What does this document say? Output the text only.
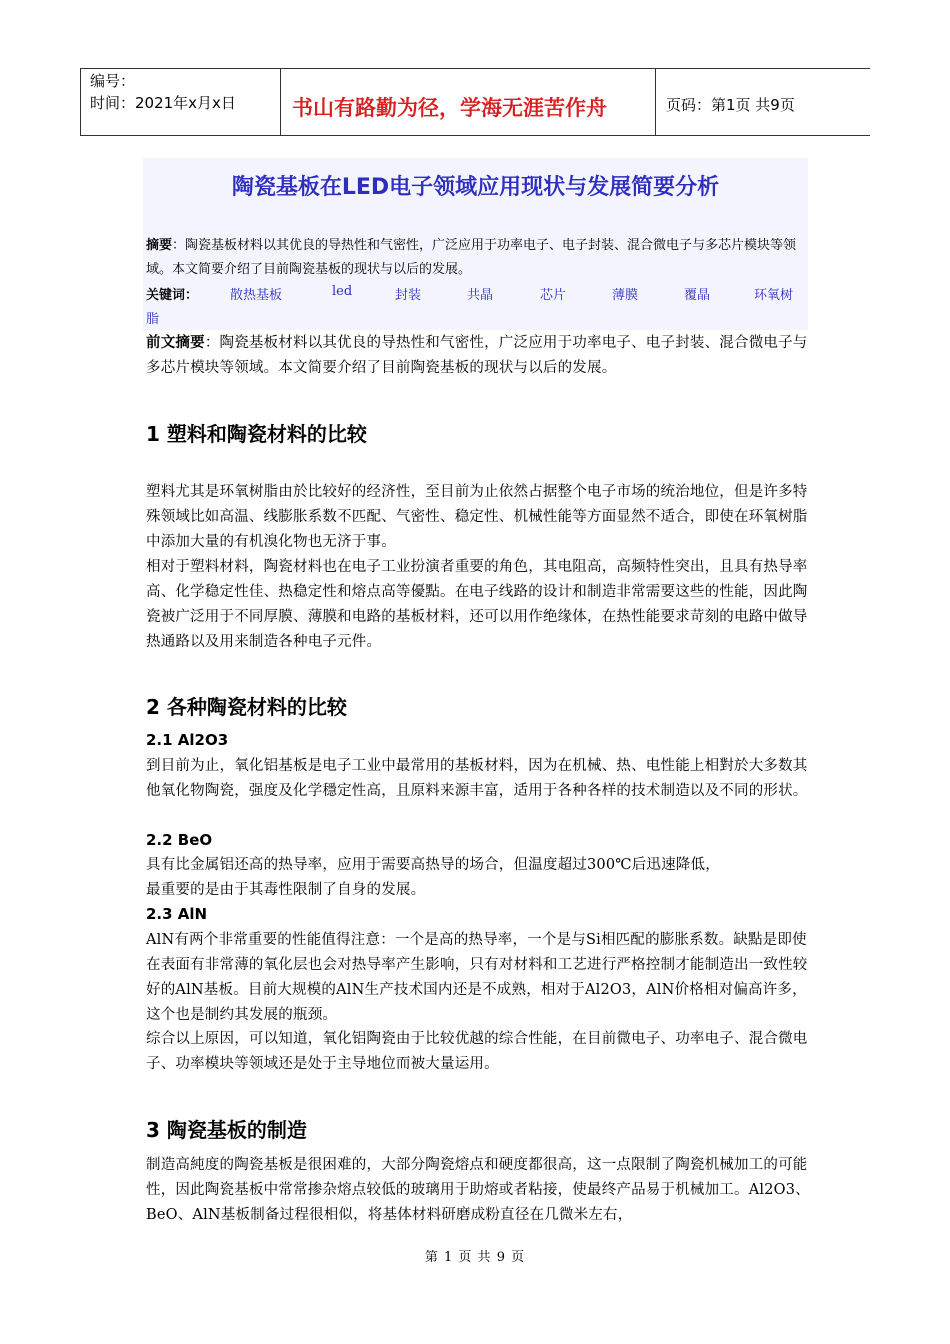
编号：
时间：2021年x月x日	书山有路勤为径，学海无涯苦作舟	页码：第1页 共9页
陶瓷基板在LED电子领域应用现状与发展简要分析
摘要：陶瓷基板材料以其优良的导热性和气密性，广泛应用于功率电子、电子封装、混合微电子与多芯片模块等领域。本文简要介绍了目前陶瓷基板的现状与以后的发展。
关键词： 散热基板	led	封装	共晶	芯片	薄膜	覆晶	环氧树
脂
前文摘要：陶瓷基板材料以其优良的导热性和气密性，广泛应用于功率电子、电子封装、混合微电子与多芯片模块等领域。本文简要介绍了目前陶瓷基板的现状与以后的发展。
1 塑料和陶瓷材料的比较
塑料尤其是环氧树脂由於比较好的经济性，至目前为止依然占据整个电子市场的统治地位，但是许多特殊领域比如高温、线膨胀系数不匹配、气密性、稳定性、机械性能等方面显然不适合，即使在环氧树脂中添加大量的有机溴化物也无济于事。
相对于塑料材料，陶瓷材料也在电子工业扮演者重要的角色，其电阻高，高频特性突出，且具有热导率高、化学稳定性佳、热稳定性和熔点高等優點。在电子线路的设计和制造非常需要这些的性能，因此陶瓷被广泛用于不同厚膜、薄膜和电路的基板材料，还可以用作绝缘体，在热性能要求苛刻的电路中做导热通路以及用来制造各种电子元件。
2 各种陶瓷材料的比较
2.1 Al2O3
到目前为止，氧化铝基板是电子工业中最常用的基板材料，因为在机械、热、电性能上相對於大多数其他氧化物陶瓷，强度及化学穩定性高，且原料来源丰富，适用于各种各样的技术制造以及不同的形状。
2.2 BeO
具有比金属铝还高的热导率，应用于需要高热导的场合，但温度超过300℃后迅速降低，
最重要的是由于其毒性限制了自身的发展。
2.3 AlN
AlN有两个非常重要的性能值得注意：一个是高的热导率，一个是与Si相匹配的膨胀系数。缺點是即使在表面有非常薄的氧化层也会对热导率产生影响，只有对材料和工艺进行严格控制才能制造出一致性较好的AlN基板。目前大规模的AlN生产技术国内还是不成熟，相对于Al2O3，AlN价格相对偏高许多，这个也是制约其发展的瓶颈。
综合以上原因，可以知道，氧化铝陶瓷由于比较优越的综合性能，在目前微电子、功率电子、混合微电子、功率模块等领域还是处于主导地位而被大量运用。
3 陶瓷基板的制造
制造高純度的陶瓷基板是很困难的，大部分陶瓷熔点和硬度都很高，这一点限制了陶瓷机械加工的可能性，因此陶瓷基板中常常掺杂熔点较低的玻璃用于助熔或者粘接，使最终产品易于机械加工。Al2O3、BeO、AlN基板制备过程很相似，将基体材料研磨成粉直径在几微米左右，
第 1 页 共 9 页
